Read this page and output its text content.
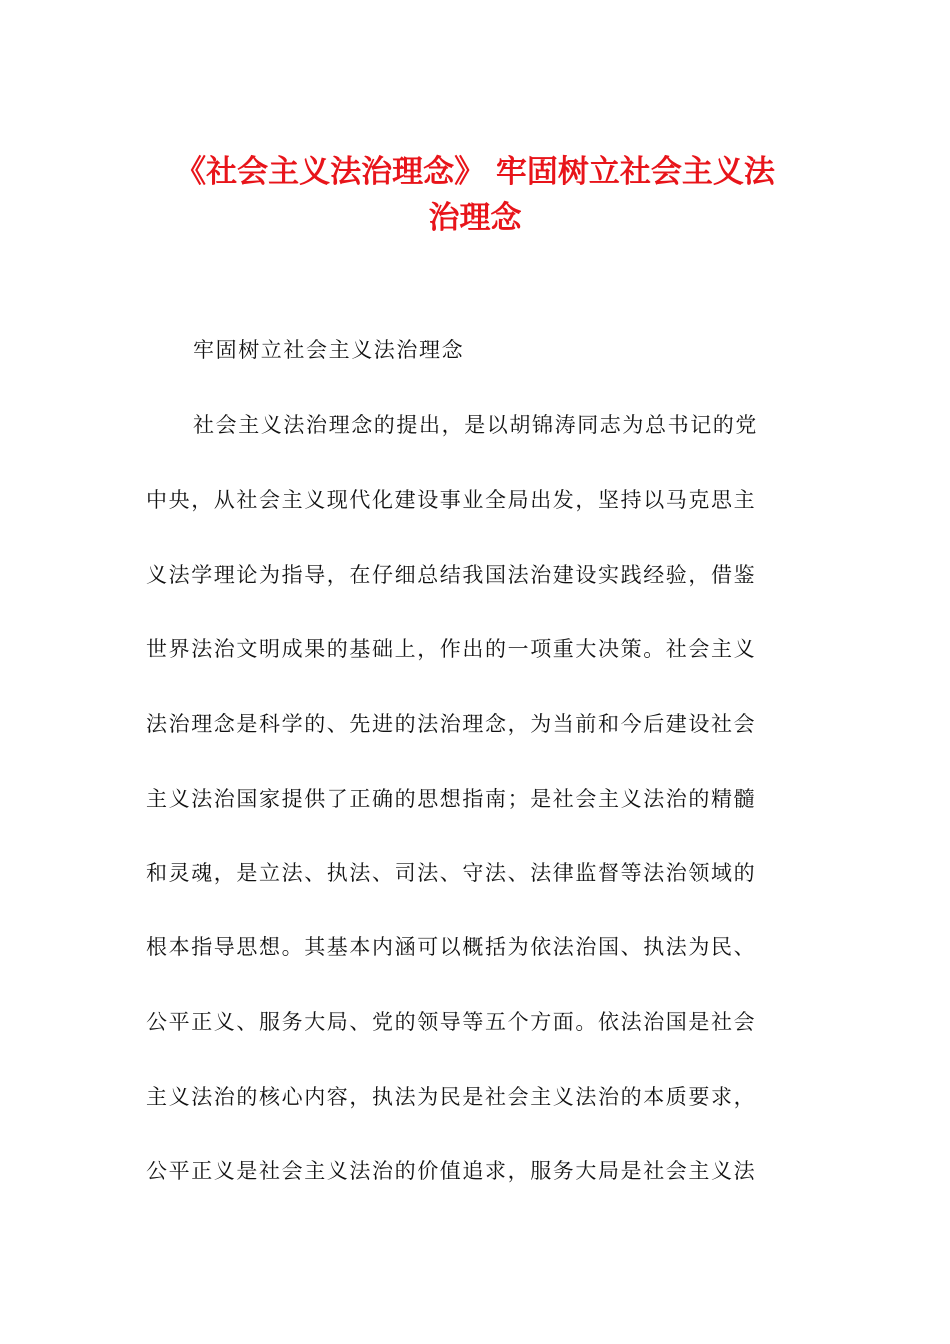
《社会主义法治理念》 牢固树立社会主义法
治理念
牢固树立社会主义法治理念
社会主义法治理念的提出，是以胡锦涛同志为总书记的党
中央，从社会主义现代化建设事业全局出发，坚持以马克思主
义法学理论为指导，在仔细总结我国法治建设实践经验，借鉴
世界法治文明成果的基础上，作出的一项重大决策。社会主义
法治理念是科学的、先进的法治理念，为当前和今后建设社会
主义法治国家提供了正确的思想指南；是社会主义法治的精髓
和灵魂，是立法、执法、司法、守法、法律监督等法治领域的
根本指导思想。其基本内涵可以概括为依法治国、执法为民、
公平正义、服务大局、党的领导等五个方面。依法治国是社会
主义法治的核心内容，执法为民是社会主义法治的本质要求，
公平正义是社会主义法治的价值追求，服务大局是社会主义法
